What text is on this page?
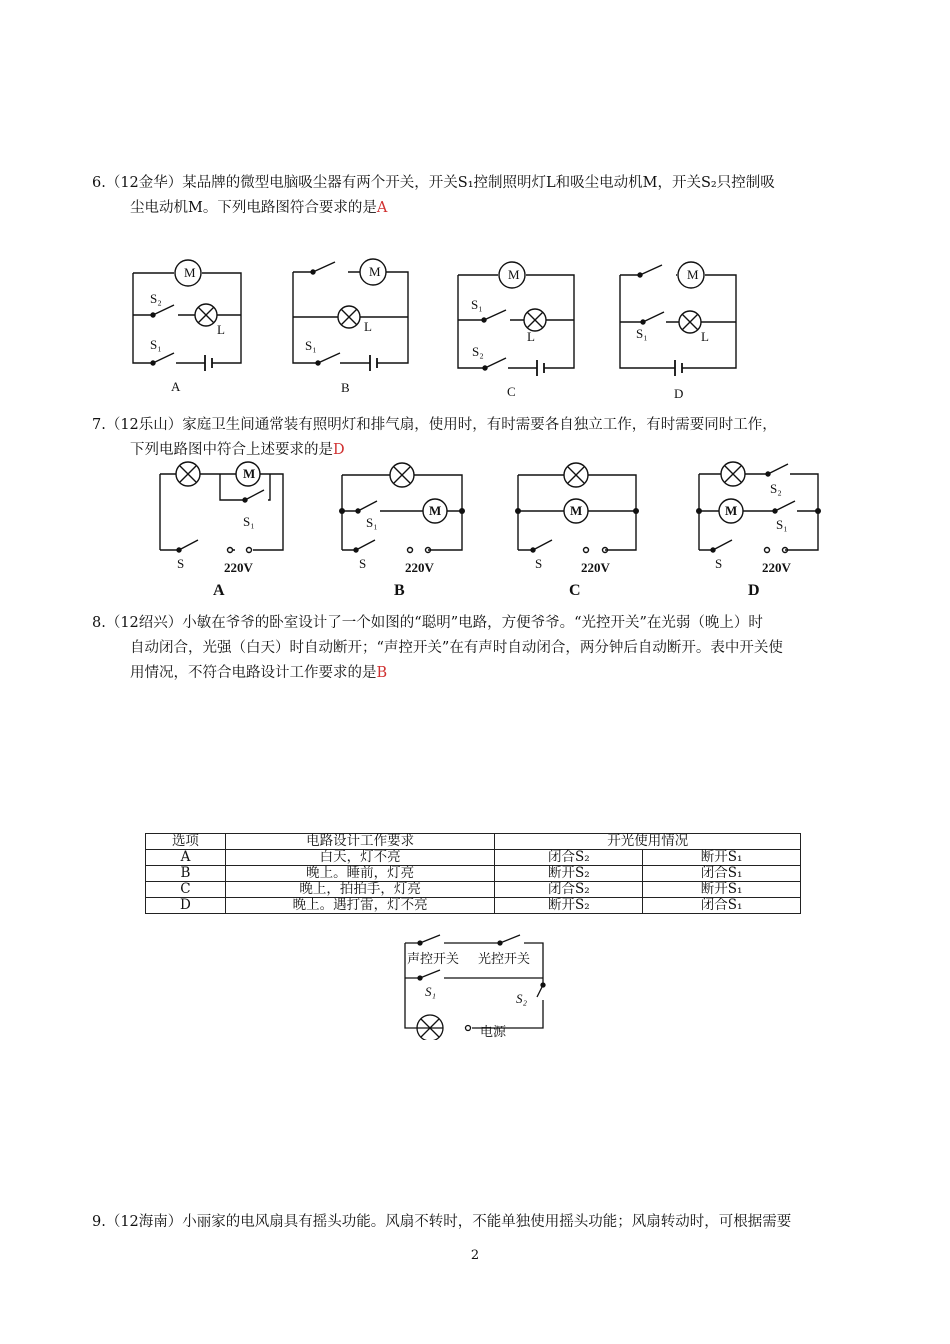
6.（12金华）某品牌的微型电脑吸尘器有两个开关，开关S₁控制照明灯L和吸尘电动机M，开关S₂只控制吸
尘电动机M。下列电路图符合要求的是A
M
S₂
L
S₁
A
M
L
S₁
B
M
S₁
L
S₂
C
M
S₁	L
D
7.（12乐山）家庭卫生间通常装有照明灯和排气扇，使用时，有时需要各自独立工作，有时需要同时工作，
下列电路图中符合上述要求的是D
M
S₁
S	220V
A
M
S₁
S	220V
B
M
S	220V
C
M
S₂
S₁
S	220V
D
8.（12绍兴）小敏在爷爷的卧室设计了一个如图的“聪明”电路，方便爷爷。“光控开关”在光弱（晚上）时
自动闭合，光强（白天）时自动断开；“声控开关”在有声时自动闭合，两分钟后自动断开。表中开关使
用情况，不符合电路设计工作要求的是B
选项	电路设计工作要求	开光使用情况	
A	白天，灯不亮	闭合S₂	断开S₁
B	晚上。睡前，灯亮	断开S₂	闭合S₁
C	晚上，拍拍手，灯亮	闭合S₂	断开S₁
D	晚上。遇打雷，灯不亮	断开S₂	闭合S₁
声控开关 光控开关
S₁	S₂
电源
9.（12海南）小丽家的电风扇具有摇头功能。风扇不转时，不能单独使用摇头功能；风扇转动时，可根据需要
2
